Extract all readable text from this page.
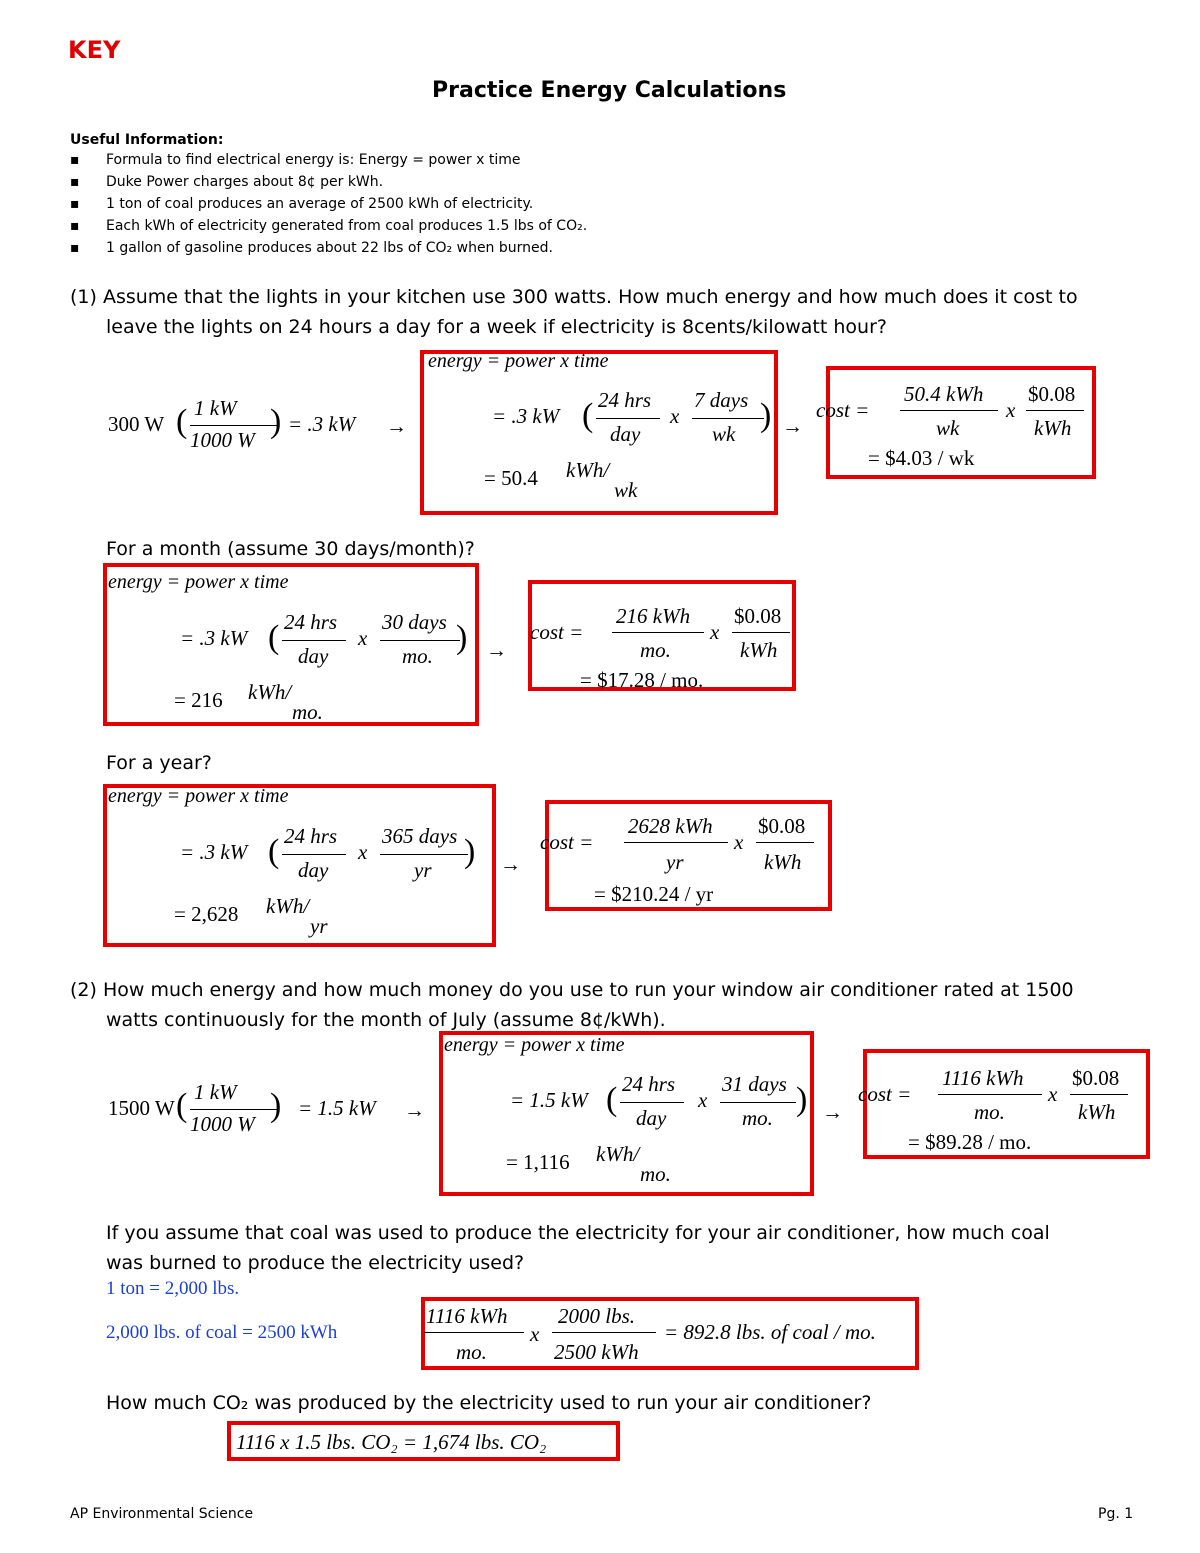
KEY
Practice Energy Calculations
Useful Information:
▪ Formula to find electrical energy is: Energy = power x time
▪ Duke Power charges about 8¢ per kWh.
▪ 1 ton of coal produces an average of 2500 kWh of electricity.
▪ Each kWh of electricity generated from coal produces 1.5 lbs of CO₂.
▪ 1 gallon of gasoline produces about 22 lbs of CO₂ when burned.
(1) Assume that the lights in your kitchen use 300 watts. How much energy and how much does it cost to
leave the lights on 24 hours a day for a week if electricity is 8cents/kilowatt hour?
300 W ( 1 kW
1000 W ) = .3 kW →
energy = power x time
= .3 kW ( 24 hrs
day
x
7 days
wk )
= 50.4 kWh/
wk
→
cost =
50.4 kWh
wk
x
$0.08
kWh
= $4.03 / wk
For a month (assume 30 days/month)?
energy = power x time
= .3 kW ( 24 hrs
day
x
30 days
mo. )
= 216 kWh/
mo.
→
cost =
216 kWh
mo.
x
$0.08
kWh
= $17.28 / mo.
For a year?
energy = power x time
= .3 kW ( 24 hrs
day
x
365 days
yr )
= 2,628 kWh/
yr
→
cost =
2628 kWh
yr
x
$0.08
kWh
= $210.24 / yr
(2) How much energy and how much money do you use to run your window air conditioner rated at 1500
watts continuously for the month of July (assume 8¢/kWh).
1500 W ( 1 kW
1000 W ) = 1.5 kW →
energy = power x time
= 1.5 kW ( 24 hrs
day
x
31 days
mo. )
= 1,116 kWh/
mo.
→
cost =
1116 kWh
mo.
x
$0.08
kWh
= $89.28 / mo.
If you assume that coal was used to produce the electricity for your air conditioner, how much coal
was burned to produce the electricity used?
1 ton = 2,000 lbs.
2,000 lbs. of coal = 2500 kWh
1116 kWh
mo.
x
2000 lbs.
2500 kWh
= 892.8 lbs. of coal / mo.
How much CO₂ was produced by the electricity used to run your air conditioner?
1116 x 1.5 lbs. CO₂ = 1,674 lbs. CO₂
AP Environmental Science	Pg. 1
